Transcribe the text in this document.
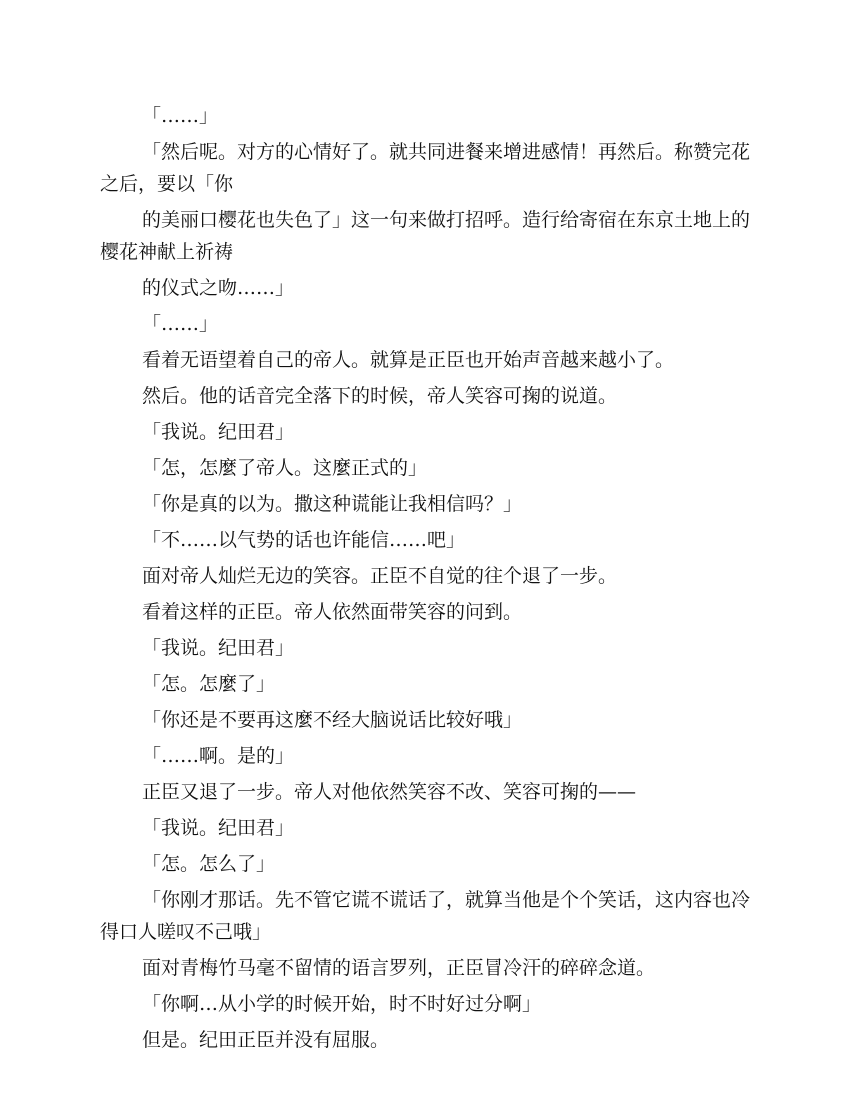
「……」

「然后呢。对方的心情好了。就共同进餐来增进感情！再然后。称赞完花之后，要以「你

的美丽口樱花也失色了」这一句来做打招呼。造行给寄宿在东京土地上的樱花神献上祈祷

的仪式之吻……」

「……」

看着无语望着自己的帝人。就算是正臣也开始声音越来越小了。

然后。他的话音完全落下的时候，帝人笑容可掬的说道。

「我说。纪田君」

「怎，怎麼了帝人。这麼正式的」

「你是真的以为。撒这种谎能让我相信吗？」

「不……以气势的话也许能信……吧」

面对帝人灿烂无边的笑容。正臣不自觉的往个退了一步。

看着这样的正臣。帝人依然面带笑容的问到。

「我说。纪田君」

「怎。怎麼了」

「你还是不要再这麼不经大脑说话比较好哦」

「……啊。是的」

正臣又退了一步。帝人对他依然笑容不改、笑容可掬的——

「我说。纪田君」

「怎。怎么了」

「你刚才那话。先不管它谎不谎话了，就算当他是个个笑话，这内容也冷得口人嗟叹不己哦」

面对青梅竹马毫不留情的语言罗列，正臣冒冷汗的碎碎念道。

「你啊…从小学的时候开始，时不时好过分啊」

但是。纪田正臣并没有屈服。
